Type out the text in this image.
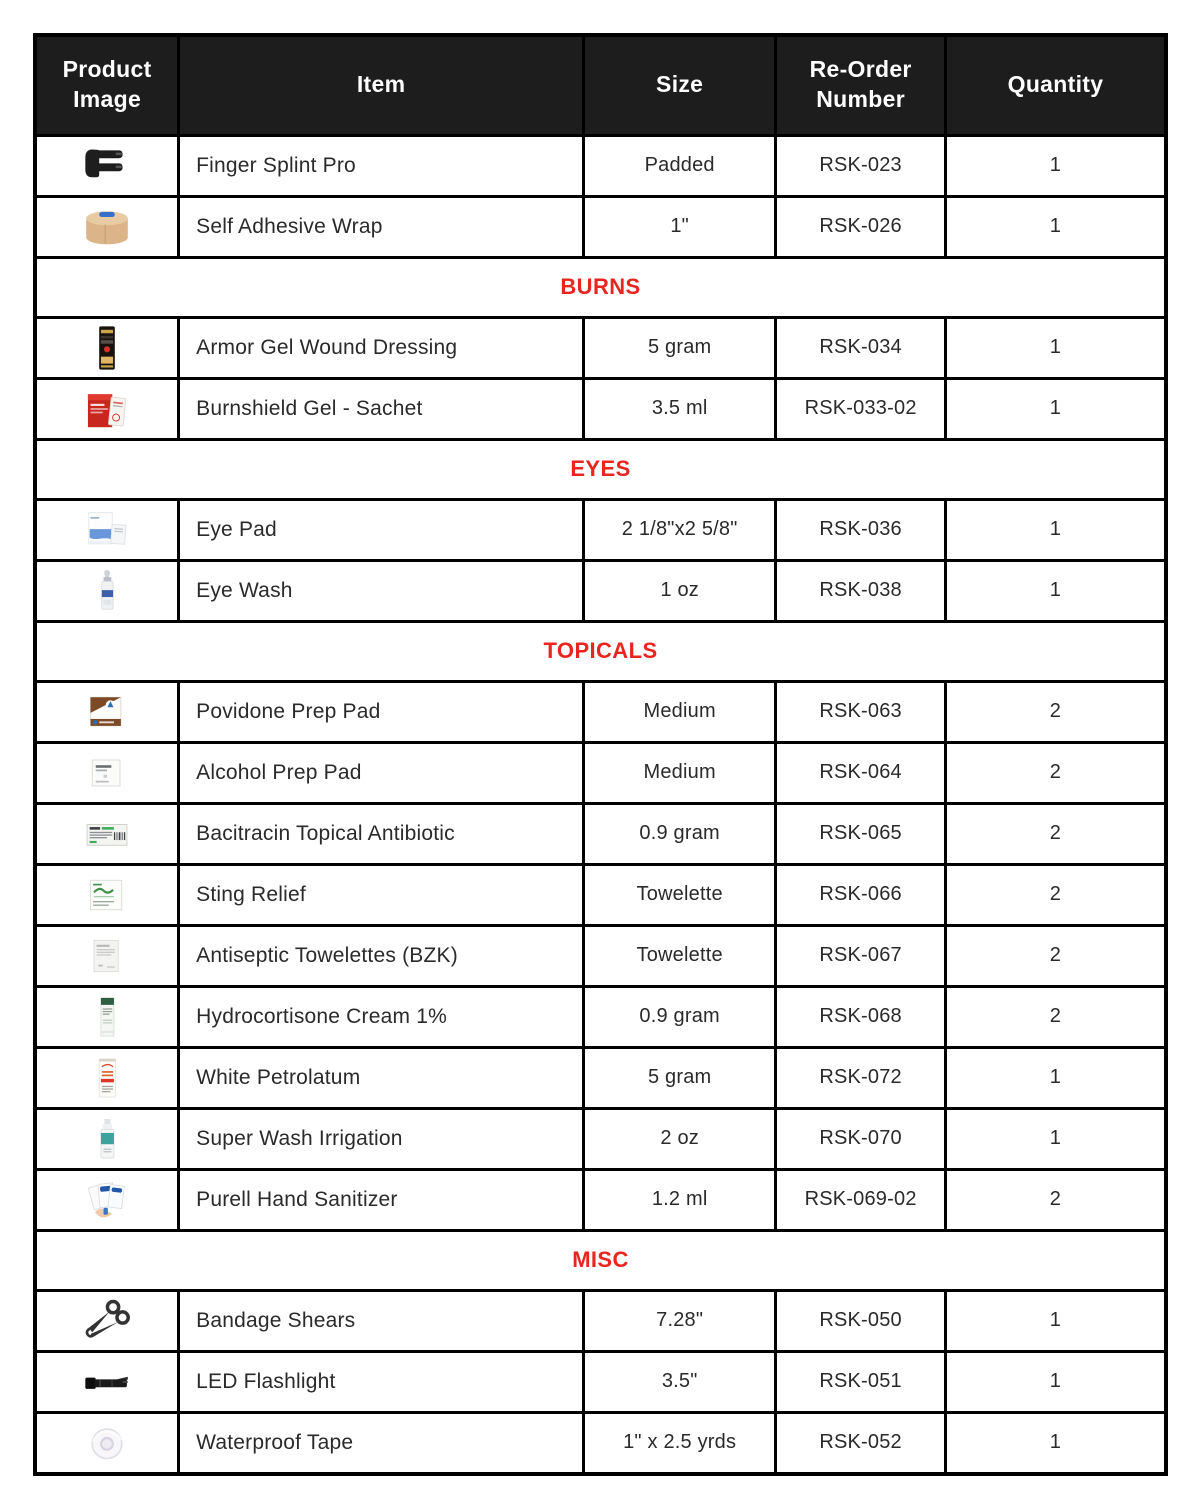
Product Image	Item	Size	Re-Order Number	Quantity

	Finger Splint Pro	Padded	RSK-023	1

	Self Adhesive Wrap	1"	RSK-026	1
BURNS				

	Armor Gel Wound Dressing	5 gram	RSK-034	1

	Burnshield Gel - Sachet	3.5 ml	RSK-033-02	1
EYES				

	Eye Pad	2 1/8"x2 5/8"	RSK-036	1

	Eye Wash	1 oz	RSK-038	1
TOPICALS				

	Povidone Prep Pad	Medium	RSK-063	2

	Alcohol Prep Pad	Medium	RSK-064	2

	Bacitracin Topical Antibiotic	0.9 gram	RSK-065	2

	Sting Relief	Towelette	RSK-066	2

	Antiseptic Towelettes (BZK)	Towelette	RSK-067	2

	Hydrocortisone Cream 1%	0.9 gram	RSK-068	2

	White Petrolatum	5 gram	RSK-072	1

	Super Wash Irrigation	2 oz	RSK-070	1

	Purell Hand Sanitizer	1.2 ml	RSK-069-02	2
MISC				

	Bandage Shears	7.28"	RSK-050	1

	LED Flashlight	3.5"	RSK-051	1

	Waterproof Tape	1" x 2.5 yrds	RSK-052	1
